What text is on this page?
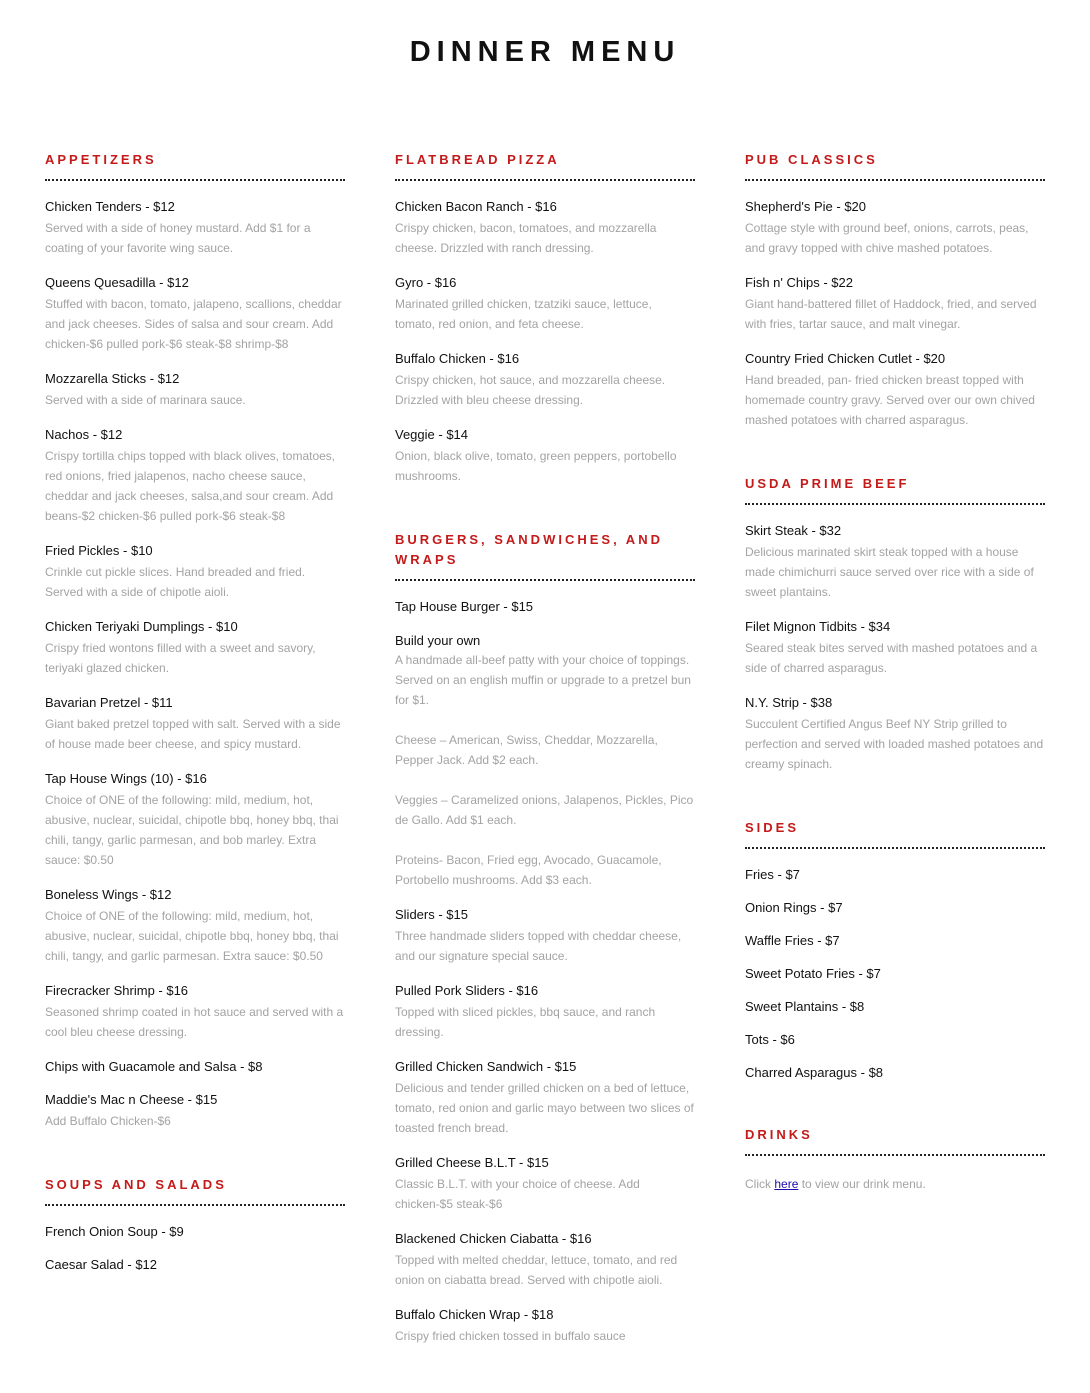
DINNER MENU
APPETIZERS
Chicken Tenders - $12
Served with a side of honey mustard. Add $1 for a coating of your favorite wing sauce.
Queens Quesadilla - $12
Stuffed with bacon, tomato, jalapeno, scallions, cheddar and jack cheeses. Sides of salsa and sour cream. Add chicken-$6 pulled pork-$6 steak-$8 shrimp-$8
Mozzarella Sticks - $12
Served with a side of marinara sauce.
Nachos - $12
Crispy tortilla chips topped with black olives, tomatoes, red onions, fried jalapenos, nacho cheese sauce, cheddar and jack cheeses, salsa,and sour cream. Add beans-$2 chicken-$6 pulled pork-$6 steak-$8
Fried Pickles - $10
Crinkle cut pickle slices. Hand breaded and fried. Served with a side of chipotle aioli.
Chicken Teriyaki Dumplings - $10
Crispy fried wontons filled with a sweet and savory, teriyaki glazed chicken.
Bavarian Pretzel - $11
Giant baked pretzel topped with salt. Served with a side of house made beer cheese, and spicy mustard.
Tap House Wings (10) - $16
Choice of ONE of the following: mild, medium, hot, abusive, nuclear, suicidal, chipotle bbq, honey bbq, thai chili, tangy, garlic parmesan, and bob marley. Extra sauce: $0.50
Boneless Wings - $12
Choice of ONE of the following: mild, medium, hot, abusive, nuclear, suicidal, chipotle bbq, honey bbq, thai chili, tangy, and garlic parmesan. Extra sauce: $0.50
Firecracker Shrimp - $16
Seasoned shrimp coated in hot sauce and served with a cool bleu cheese dressing.
Chips with Guacamole and Salsa - $8
Maddie's Mac n Cheese - $15
Add Buffalo Chicken-$6
SOUPS AND SALADS
French Onion Soup - $9
Caesar Salad - $12
FLATBREAD PIZZA
Chicken Bacon Ranch - $16
Crispy chicken, bacon, tomatoes, and mozzarella cheese. Drizzled with ranch dressing.
Gyro - $16
Marinated grilled chicken, tzatziki sauce, lettuce, tomato, red onion, and feta cheese.
Buffalo Chicken - $16
Crispy chicken, hot sauce, and mozzarella cheese. Drizzled with bleu cheese dressing.
Veggie - $14
Onion, black olive, tomato, green peppers, portobello mushrooms.
BURGERS, SANDWICHES, AND WRAPS
Tap House Burger - $15
Build your own
A handmade all-beef patty with your choice of toppings. Served on an english muffin or upgrade to a pretzel bun for $1.
Cheese – American, Swiss, Cheddar, Mozzarella, Pepper Jack. Add $2 each.
Veggies – Caramelized onions, Jalapenos, Pickles, Pico de Gallo. Add $1 each.
Proteins- Bacon, Fried egg, Avocado, Guacamole, Portobello mushrooms. Add $3 each.
Sliders - $15
Three handmade sliders topped with cheddar cheese, and our signature special sauce.
Pulled Pork Sliders - $16
Topped with sliced pickles, bbq sauce, and ranch dressing.
Grilled Chicken Sandwich - $15
Delicious and tender grilled chicken on a bed of lettuce, tomato, red onion and garlic mayo between two slices of toasted french bread.
Grilled Cheese B.L.T - $15
Classic B.L.T. with your choice of cheese. Add chicken-$5 steak-$6
Blackened Chicken Ciabatta - $16
Topped with melted cheddar, lettuce, tomato, and red onion on ciabatta bread. Served with chipotle aioli.
Buffalo Chicken Wrap - $18
Crispy fried chicken tossed in buffalo sauce
PUB CLASSICS
Shepherd's Pie - $20
Cottage style with ground beef, onions, carrots, peas, and gravy topped with chive mashed potatoes.
Fish n' Chips - $22
Giant hand-battered fillet of Haddock, fried, and served with fries, tartar sauce, and malt vinegar.
Country Fried Chicken Cutlet - $20
Hand breaded, pan- fried chicken breast topped with homemade country gravy. Served over our own chived mashed potatoes with charred asparagus.
USDA PRIME BEEF
Skirt Steak - $32
Delicious marinated skirt steak topped with a house made chimichurri sauce served over rice with a side of sweet plantains.
Filet Mignon Tidbits - $34
Seared steak bites served with mashed potatoes and a side of charred asparagus.
N.Y. Strip - $38
Succulent Certified Angus Beef NY Strip grilled to perfection and served with loaded mashed potatoes and creamy spinach.
SIDES
Fries - $7
Onion Rings - $7
Waffle Fries - $7
Sweet Potato Fries - $7
Sweet Plantains - $8
Tots - $6
Charred Asparagus - $8
DRINKS
Click here to view our drink menu.
